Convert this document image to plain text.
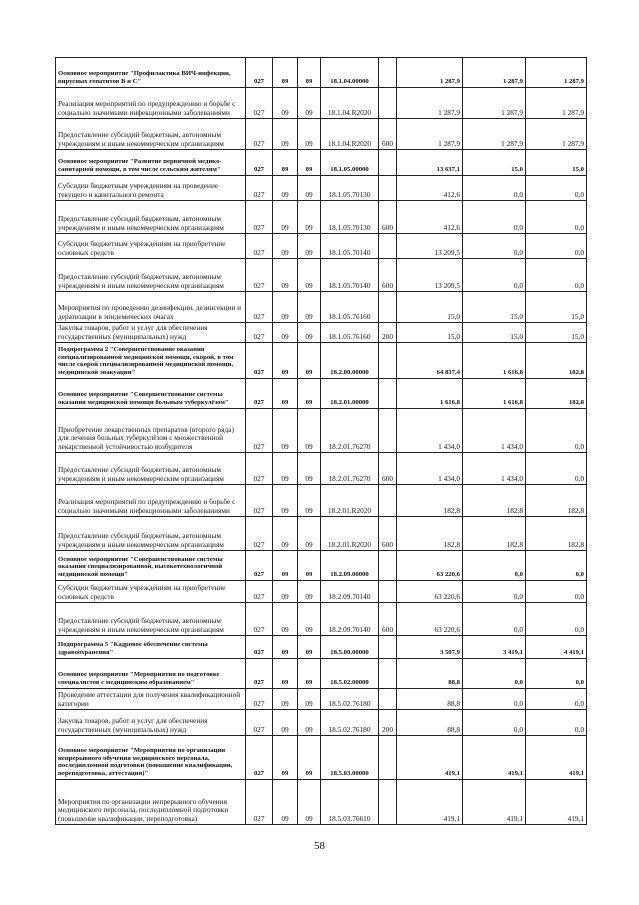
Основное мероприятие "Профилактика ВИЧ-инфекции, вирусных гепатитов B и C"	027	09	09	18.1.04.00000		1 287,9	1 287,9	1 287,9
Реализация мероприятий по предупреждению и борьбе с социально значимыми инфекционными заболеваниями	027	09	09	18.1.04.R2020		1 287,9	1 287,9	1 287,9
Предоставление субсидий бюджетным, автономным учреждениям и иным некоммерческим организациям	027	09	09	18.1.04.R2020	600	1 287,9	1 287,9	1 287,9
Основное мероприятие "Развитие первичной медико-санитарной помощи, в том числе сельским жителям"	027	09	09	18.1.05.00000		13 637,1	15,0	15,0
Субсидии бюджетным учреждениям на проведение текущего и капитального ремонта	027	09	09	18.1.05.70130		412,6	0,0	0,0
Предоставление субсидий бюджетным, автономным учреждениям и иным некоммерческим организациям	027	09	09	18.1.05.70130	600	412,6	0,0	0,0
Субсидии бюджетным учреждениям на приобретение основных средств	027	09	09	18.1.05.70140		13 209,5	0,0	0,0
Предоставление субсидий бюджетным, автономным учреждениям и иным некоммерческим организациям	027	09	09	18.1.05.70140	600	13 209,5	0,0	0,0
Мероприятия по проведению дезинфекции, дезинсекции и дератизации в эпидемических очагах	027	09	09	18.1.05.76160		15,0	15,0	15,0
Закупка товаров, работ и услуг для обеспечения государственных (муниципальных) нужд	027	09	09	18.1.05.76160	200	15,0	15,0	15,0
Подпрограмма 2 "Совершенствование оказания специализированной медицинской помощи, скорой, в том числе скорой специализированной медицинской помощи, медицинской эвакуации"	027	09	09	18.2.00.00000		64 837,4	1 616,8	182,8
Основное мероприятие "Совершенствование системы оказания медицинской помощи больным туберкулёзом"	027	09	09	18.2.01.00000		1 616,8	1 616,8	182,8
Приобретение лекарственных препаратов (второго ряда) для лечения больных туберкулёзом с множественной лекарственной устойчивостью возбудителя	027	09	09	18.2.01.76270		1 434,0	1 434,0	0,0
Предоставление субсидий бюджетным, автономным учреждениям и иным некоммерческим организациям	027	09	09	18.2.01.76270	600	1 434,0	1 434,0	0,0
Реализация мероприятий по предупреждению и борьбе с социально значимыми инфекционными заболеваниями	027	09	09	18.2.01.R2020		182,8	182,8	182,8
Предоставление субсидий бюджетным, автономным учреждениям и иным некоммерческим организациям	027	09	09	18.2.01.R2020	600	182,8	182,8	182,8
Основное мероприятие "Совершенствование системы оказания специализированной, высокотехнологичной медицинской помощи"	027	09	09	18.2.09.00000		63 220,6	0,0	0,0
Субсидии бюджетным учреждениям на приобретение основных средств	027	09	09	18.2.09.70140		63 220,6	0,0	0,0
Предоставление субсидий бюджетным, автономным учреждениям и иным некоммерческим организациям	027	09	09	18.2.09.70140	600	63 220,6	0,0	0,0
Подпрограмма 5 "Кадровое обеспечение системы здравоохранения"	027	09	09	18.5.00.00000		3 507,9	3 419,1	4 419,1
Основное мероприятие "Мероприятия по подготовке специалистов с медицинским образованием"	027	09	09	18.5.02.00000		88,8	0,0	0,0
Проведение аттестации для получения квалификационной категории	027	09	09	18.5.02.76180		88,8	0,0	0,0
Закупка товаров, работ и услуг для обеспечения государственных (муниципальных) нужд	027	09	09	18.5.02.76180	200	88,8	0,0	0,0
Основное мероприятие "Мероприятия по организации непрерывного обучения медицинского персонала, последипломной подготовки (повышение квалификации, переподготовка, аттестация)"	027	09	09	18.5.03.00000		419,1	419,1	419,1
Мероприятия по организации непрерывного обучения медицинского персонала, последипломной подготовки (повышение квалификации, переподготовка)	027	09	09	18.5.03.76610		419,1	419,1	419,1
58
